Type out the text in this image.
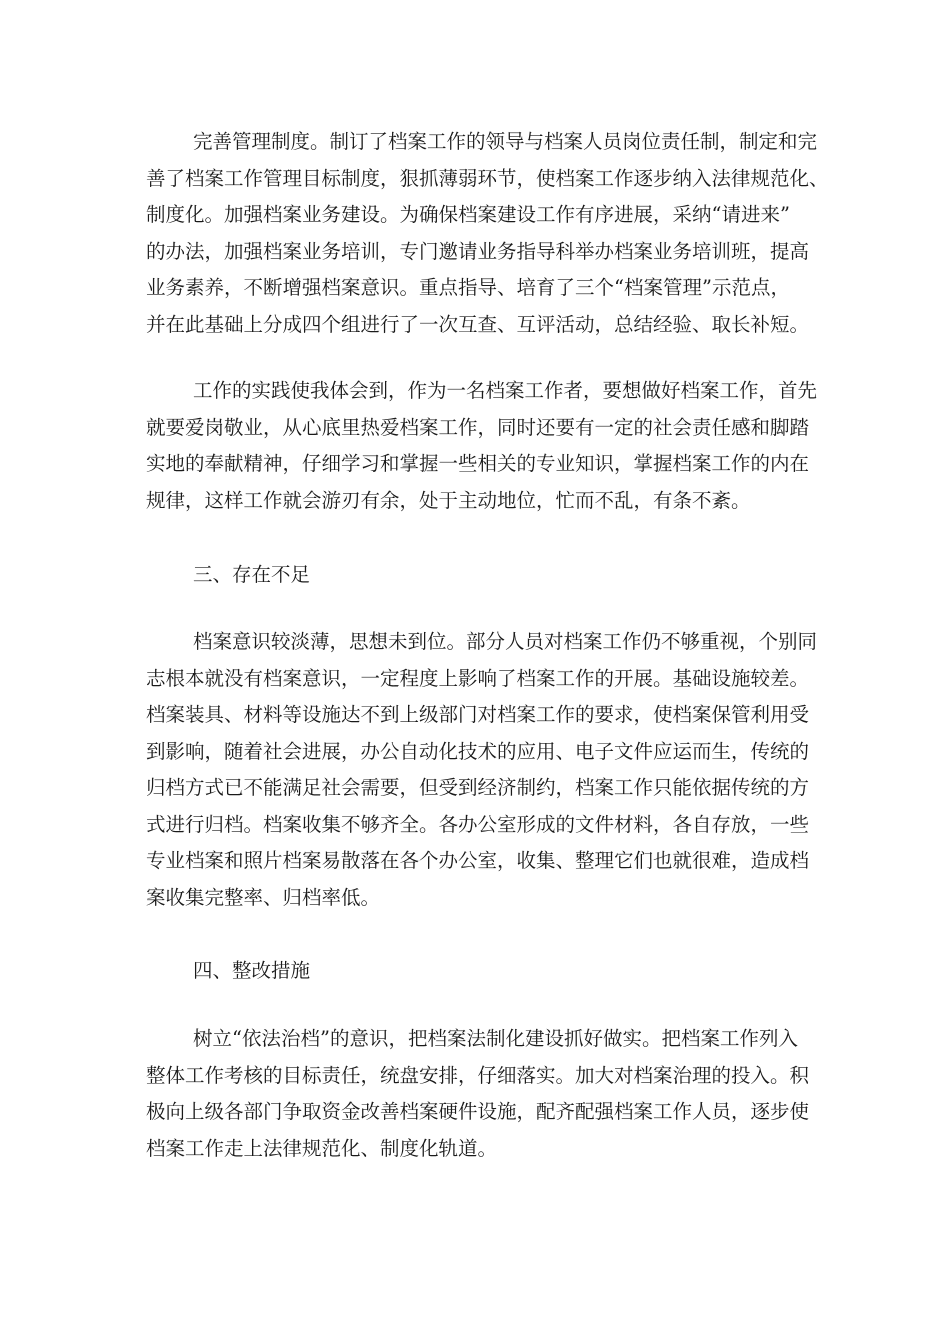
完善管理制度。制订了档案工作的领导与档案人员岗位责任制，制定和完
善了档案工作管理目标制度，狠抓薄弱环节，使档案工作逐步纳入法律规范化、
制度化。加强档案业务建设。为确保档案建设工作有序进展，采纳“请进来”
的办法，加强档案业务培训，专门邀请业务指导科举办档案业务培训班，提高
业务素养，不断增强档案意识。重点指导、培育了三个“档案管理”示范点，
并在此基础上分成四个组进行了一次互查、互评活动，总结经验、取长补短。

工作的实践使我体会到，作为一名档案工作者，要想做好档案工作，首先
就要爱岗敬业，从心底里热爱档案工作，同时还要有一定的社会责任感和脚踏
实地的奉献精神，仔细学习和掌握一些相关的专业知识，掌握档案工作的内在
规律，这样工作就会游刃有余，处于主动地位，忙而不乱，有条不紊。

三、存在不足

档案意识较淡薄，思想未到位。部分人员对档案工作仍不够重视，个别同
志根本就没有档案意识，一定程度上影响了档案工作的开展。基础设施较差。
档案装具、材料等设施达不到上级部门对档案工作的要求，使档案保管利用受
到影响，随着社会进展，办公自动化技术的应用、电子文件应运而生，传统的
归档方式已不能满足社会需要，但受到经济制约，档案工作只能依据传统的方
式进行归档。档案收集不够齐全。各办公室形成的文件材料，各自存放，一些
专业档案和照片档案易散落在各个办公室，收集、整理它们也就很难，造成档
案收集完整率、归档率低。

四、整改措施

树立“依法治档”的意识，把档案法制化建设抓好做实。把档案工作列入
整体工作考核的目标责任，统盘安排，仔细落实。加大对档案治理的投入。积
极向上级各部门争取资金改善档案硬件设施，配齐配强档案工作人员，逐步使
档案工作走上法律规范化、制度化轨道。
